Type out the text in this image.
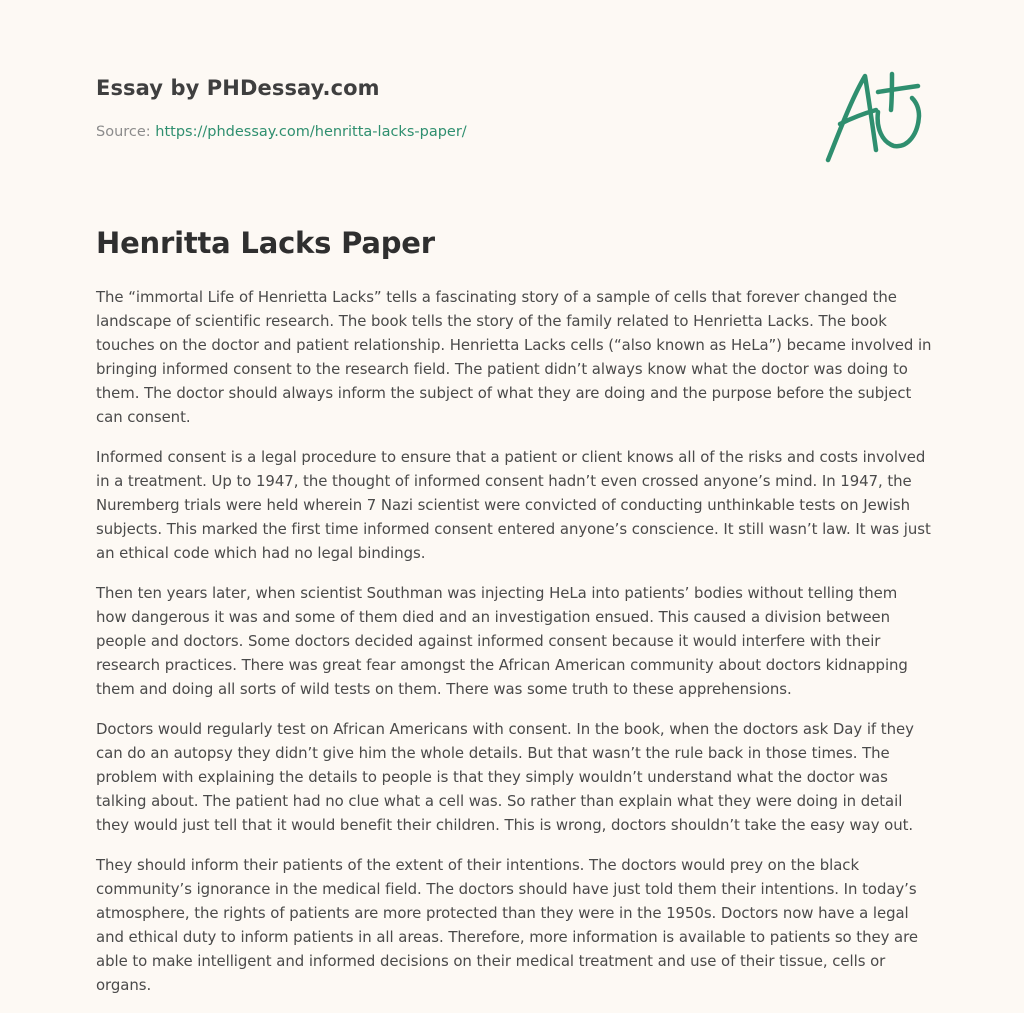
Essay by PHDessay.com
Source: https://phdessay.com/henritta-lacks-paper/
Henritta Lacks Paper

The “immortal Life of Henrietta Lacks” tells a fascinating story of a sample of cells that forever changed the landscape of scientific research. The book tells the story of the family related to Henrietta Lacks. The book touches on the doctor and patient relationship. Henrietta Lacks cells (“also known as HeLa”) became involved in bringing informed consent to the research field. The patient didn’t always know what the doctor was doing to them. The doctor should always inform the subject of what they are doing and the purpose before the subject can consent.

Informed consent is a legal procedure to ensure that a patient or client knows all of the risks and costs involved in a treatment. Up to 1947, the thought of informed consent hadn’t even crossed anyone’s mind. In 1947, the Nuremberg trials were held wherein 7 Nazi scientist were convicted of conducting unthinkable tests on Jewish subjects. This marked the first time informed consent entered anyone’s conscience. It still wasn’t law. It was just an ethical code which had no legal bindings.

Then ten years later, when scientist Southman was injecting HeLa into patients’ bodies without telling them how dangerous it was and some of them died and an investigation ensued. This caused a division between people and doctors. Some doctors decided against informed consent because it would interfere with their research practices. There was great fear amongst the African American community about doctors kidnapping them and doing all sorts of wild tests on them. There was some truth to these apprehensions.

Doctors would regularly test on African Americans with consent. In the book, when the doctors ask Day if they can do an autopsy they didn’t give him the whole details. But that wasn’t the rule back in those times. The problem with explaining the details to people is that they simply wouldn’t understand what the doctor was talking about. The patient had no clue what a cell was. So rather than explain what they were doing in detail they would just tell that it would benefit their children. This is wrong, doctors shouldn’t take the easy way out.

They should inform their patients of the extent of their intentions. The doctors would prey on the black community’s ignorance in the medical field. The doctors should have just told them their intentions. In today’s atmosphere, the rights of patients are more protected than they were in the 1950s. Doctors now have a legal and ethical duty to inform patients in all areas. Therefore, more information is available to patients so they are able to make intelligent and informed decisions on their medical treatment and use of their tissue, cells or organs.
